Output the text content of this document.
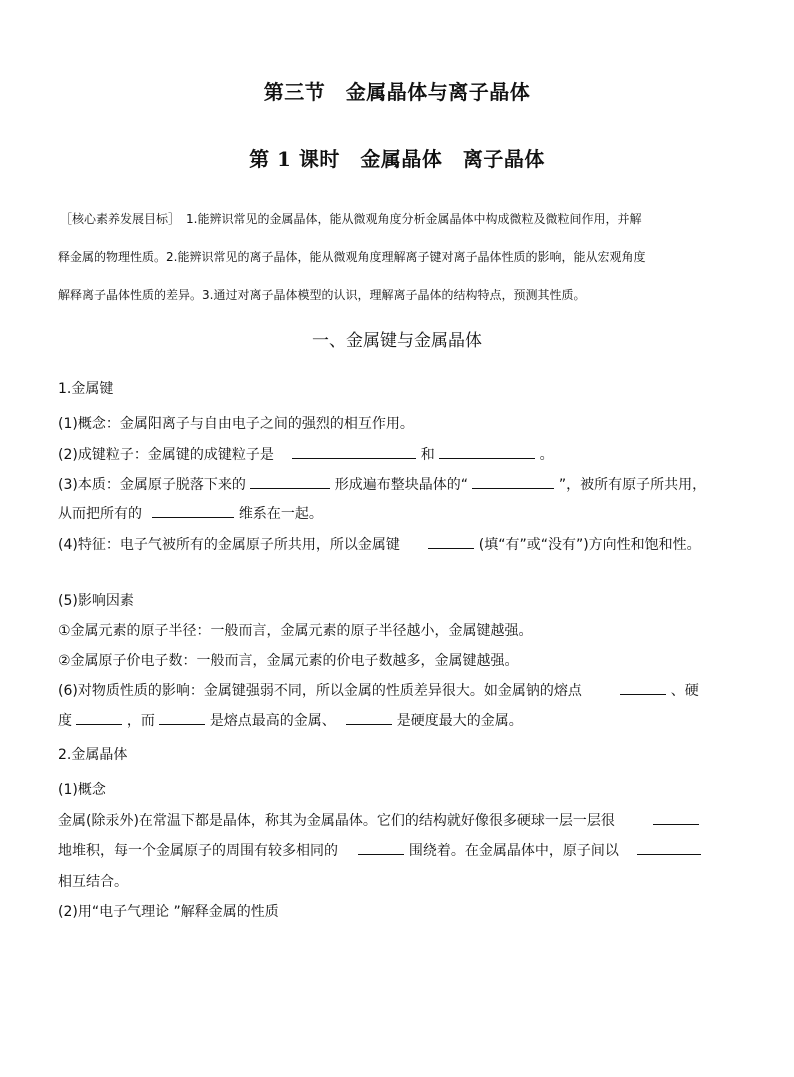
第三节　金属晶体与离子晶体
第 1 课时　金属晶体　离子晶体
［核心素养发展目标］　1.能辨识常见的金属晶体，能从微观角度分析金属晶体中构成微粒及微粒间作用，并解
释金属的物理性质。2.能辨识常见的离子晶体，能从微观角度理解离子键对离子晶体性质的影响，能从宏观角度
解释离子晶体性质的差异。3.通过对离子晶体模型的认识，理解离子晶体的结构特点，预测其性质。
一、金属键与金属晶体
1.金属键
(1)概念：金属阳离子与自由电子之间的强烈的相互作用。
(2)成键粒子：金属键的成键粒子是	和	。
(3)本质：金属原子脱落下来的	形成遍布整块晶体的“	”，被所有原子所共用，
从而把所有的	维系在一起。
(4)特征：电子气被所有的金属原子所共用，所以金属键	(填“有”或“没有”)方向性和饱和性。
(5)影响因素
①金属元素的原子半径：一般而言，金属元素的原子半径越小，金属键越强。
②金属原子价电子数：一般而言，金属元素的价电子数越多，金属键越强。
(6)对物质性质的影响：金属键强弱不同，所以金属的性质差异很大。如金属钠的熔点	、硬
度	，而	是熔点最高的金属、	是硬度最大的金属。
2.金属晶体
(1)概念
金属(除汞外)在常温下都是晶体，称其为金属晶体。它们的结构就好像很多硬球一层一层很
地堆积，每一个金属原子的周围有较多相同的	围绕着。在金属晶体中，原子间以
相互结合。
(2)用“电子气理论 ”解释金属的性质
